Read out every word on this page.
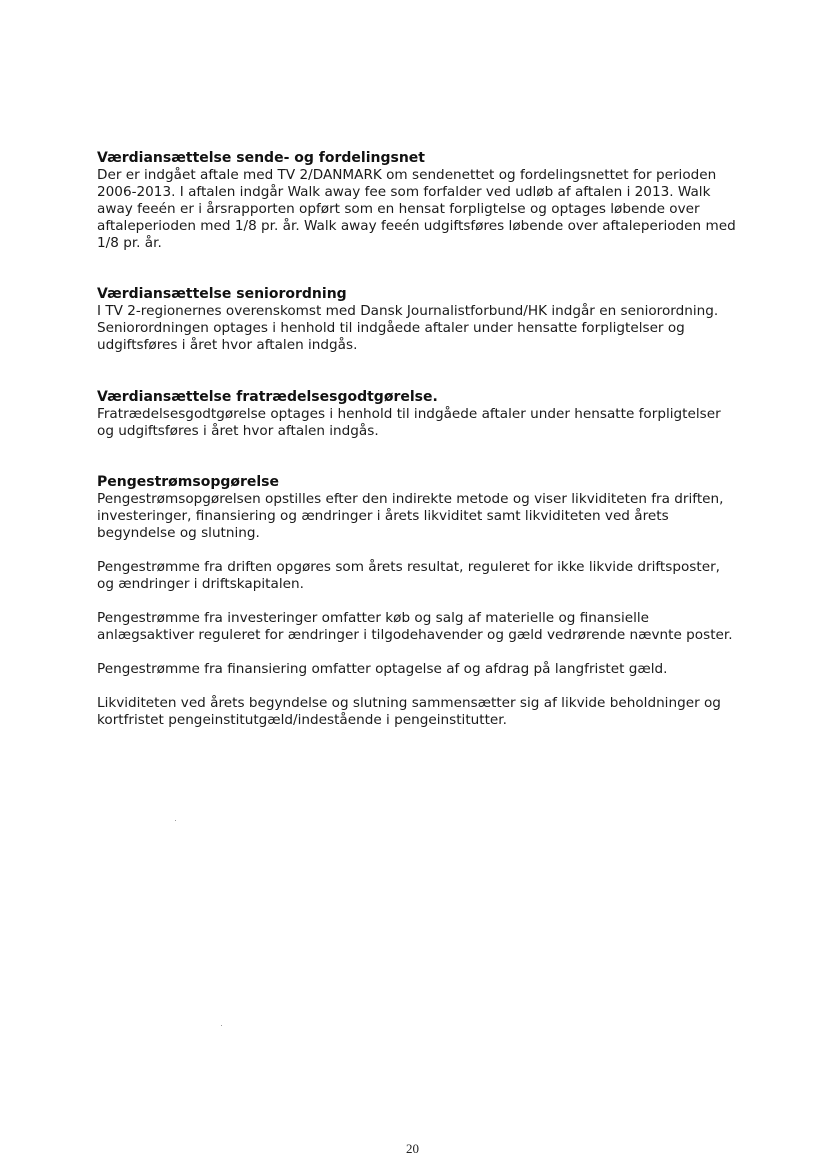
Værdiansættelse sende- og fordelingsnet

Der er indgået aftale med TV 2/DANMARK om sendenettet og fordelingsnettet for perioden 2006-2013. I aftalen indgår Walk away fee som forfalder ved udløb af aftalen i 2013. Walk away feeén er i årsrapporten opført som en hensat forpligtelse og optages løbende over aftaleperioden med 1/8 pr. år. Walk away feeén udgiftsføres løbende over aftaleperioden med 1/8 pr. år.

Værdiansættelse seniorordning

I TV 2-regionernes overenskomst med Dansk Journalistforbund/HK indgår en seniorordning. Seniorordningen optages i henhold til indgåede aftaler under hensatte forpligtelser og udgiftsføres i året hvor aftalen indgås.

Værdiansættelse fratrædelsesgodtgørelse.

Fratrædelsesgodtgørelse optages i henhold til indgåede aftaler under hensatte forpligtelser og udgiftsføres i året hvor aftalen indgås.

Pengestrømsopgørelse

Pengestrømsopgørelsen opstilles efter den indirekte metode og viser likviditeten fra driften, investeringer, finansiering og ændringer i årets likviditet samt likviditeten ved årets begyndelse og slutning.

Pengestrømme fra driften opgøres som årets resultat, reguleret for ikke likvide driftsposter, og ændringer i driftskapitalen.

Pengestrømme fra investeringer omfatter køb og salg af materielle og finansielle anlægsaktiver reguleret for ændringer i tilgodehavender og gæld vedrørende nævnte poster.

Pengestrømme fra finansiering omfatter optagelse af og afdrag på langfristet gæld.

Likviditeten ved årets begyndelse og slutning sammensætter sig af likvide beholdninger og kortfristet pengeinstitutgæld/indestående i pengeinstitutter.

20
